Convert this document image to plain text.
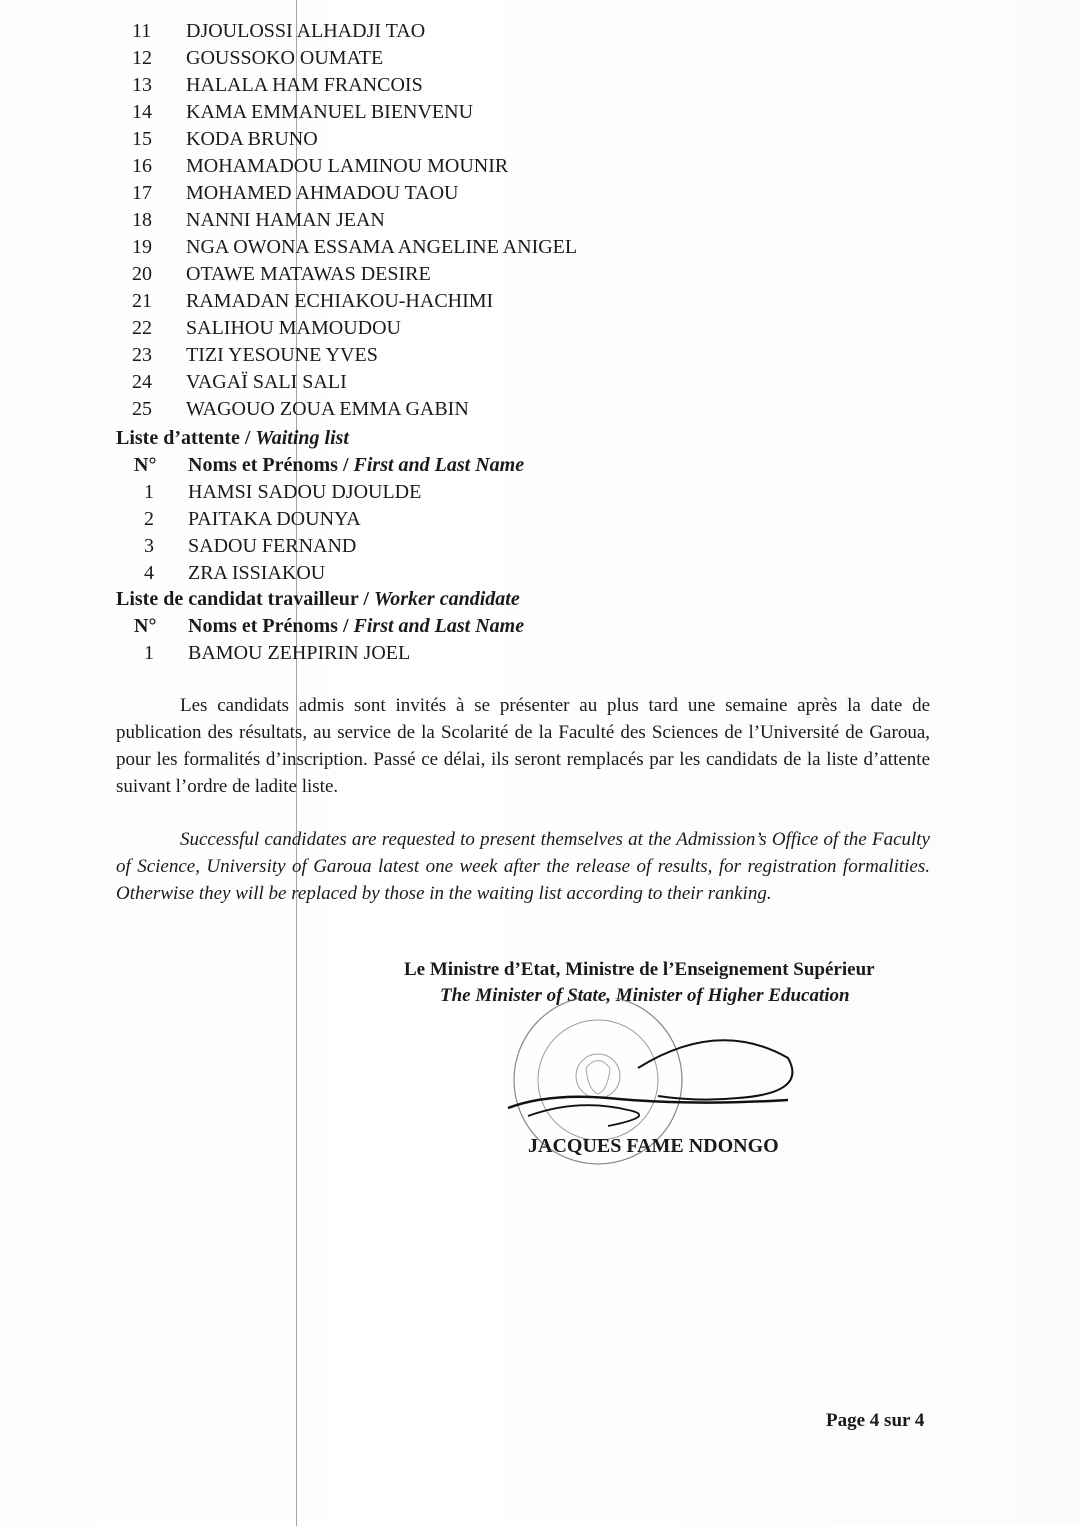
11	DJOULOSSI ALHADJI TAO
12	GOUSSOKO OUMATE
13	HALALA HAM FRANCOIS
14	KAMA EMMANUEL BIENVENU
15	KODA BRUNO
16	MOHAMADOU LAMINOU MOUNIR
17	MOHAMED AHMADOU TAOU
18	NANNI HAMAN JEAN
19	NGA OWONA ESSAMA ANGELINE ANIGEL
20	OTAWE MATAWAS DESIRE
21	RAMADAN ECHIAKOU-HACHIMI
22	SALIHOU MAMOUDOU
23	TIZI YESOUNE YVES
24	VAGAÏ SALI SALI
25	WAGOUO ZOUA EMMA GABIN
Liste d’attente / Waiting list
N° Noms et Prénoms / First and Last Name
1 HAMSI SADOU DJOULDE
2 PAITAKA DOUNYA
3 SADOU FERNAND
4 ZRA ISSIAKOU
Liste de candidat travailleur / Worker candidate
N° Noms et Prénoms / First and Last Name
1 BAMOU ZEHPIRIN JOEL
Les candidats admis sont invités à se présenter au plus tard une semaine après la date de publication des résultats, au service de la Scolarité de la Faculté des Sciences de l’Université de Garoua, pour les formalités d’inscription. Passé ce délai, ils seront remplacés par les candidats de la liste d’attente suivant l’ordre de ladite liste.
Successful candidates are requested to present themselves at the Admission’s Office of the Faculty of Science, University of Garoua latest one week after the release of results, for registration formalities. Otherwise they will be replaced by those in the waiting list according to their ranking.
Le Ministre d’Etat, Ministre de l’Enseignement Supérieur
The Minister of State, Minister of Higher Education
JACQUES FAME NDONGO
Page 4 sur 4
